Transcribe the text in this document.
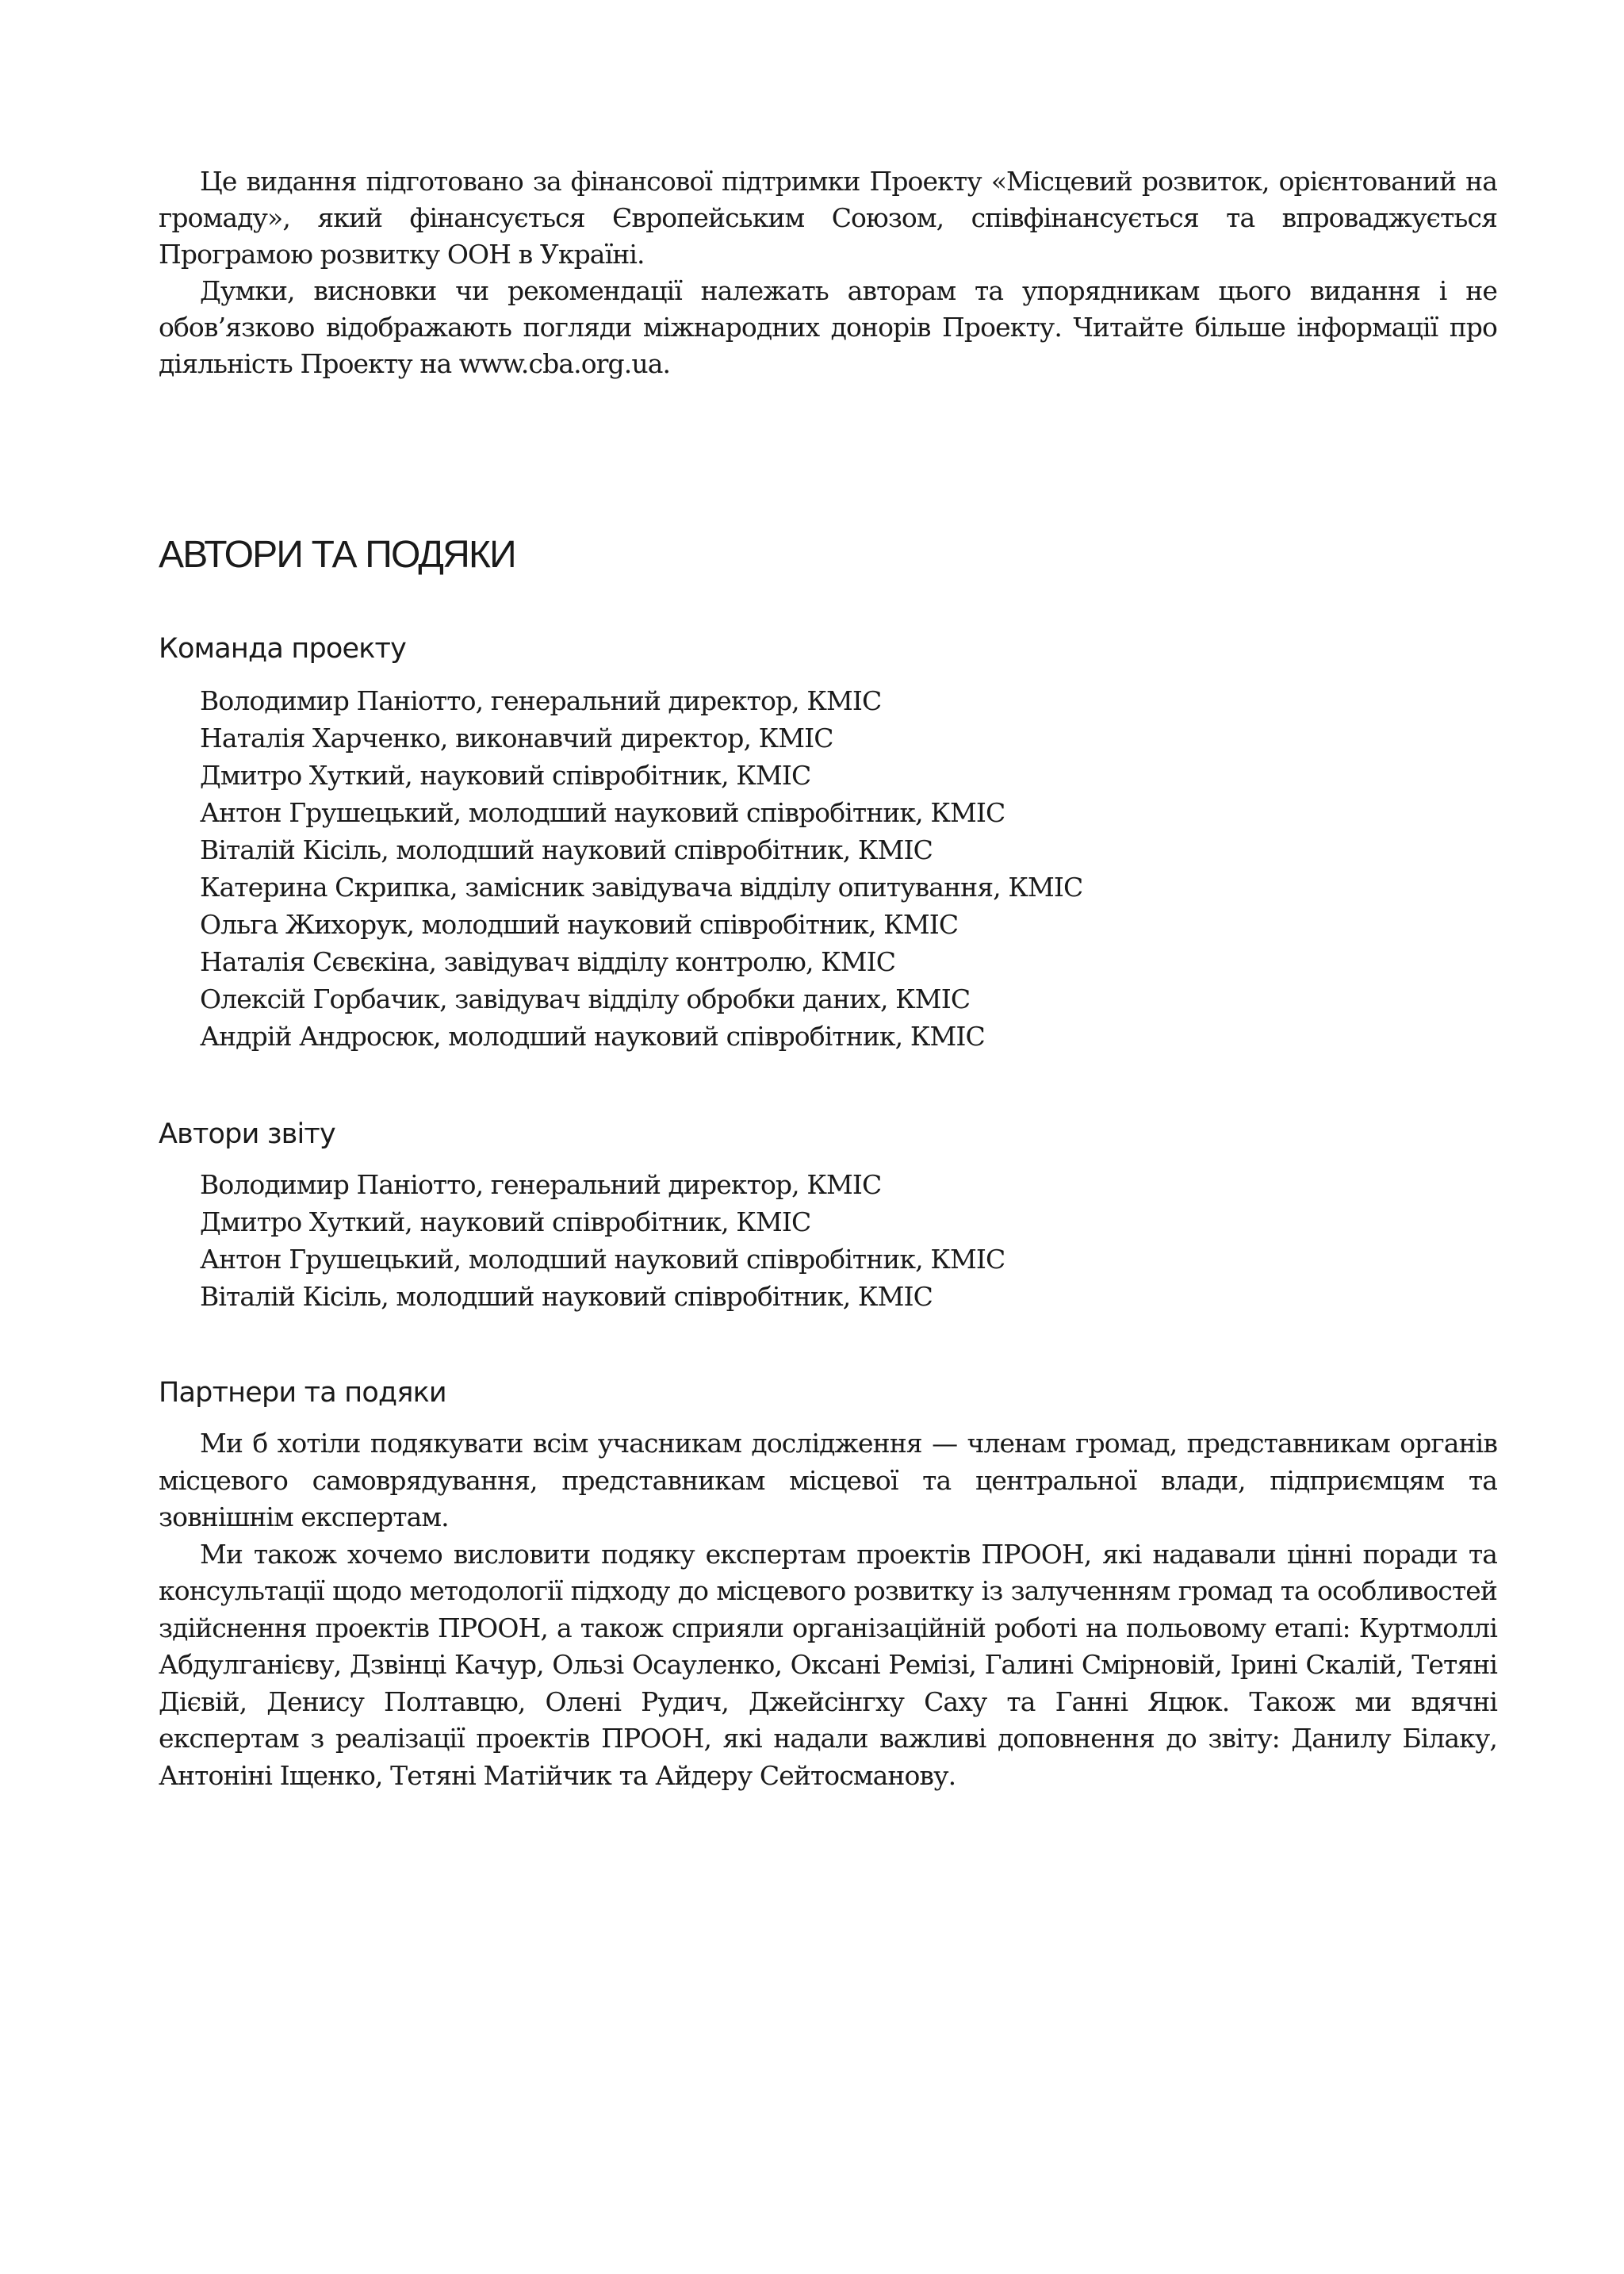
Це видання підготовано за фінансової підтримки Проекту «Місцевий розвиток, орієнтований на громаду», який фінансується Європейським Союзом, співфінансується та впроваджується Програмою розвитку ООН в Україні.

Думки, висновки чи рекомендації належать авторам та упорядникам цього видання і не обов’язково відображають погляди міжнародних донорів Проекту. Читайте більше інформації про діяльність Проекту на www.cba.org.ua.

АВТОРИ ТА ПОДЯКИ
Команда проекту
Володимир Паніотто, генеральний директор, КМІС
Наталія Харченко, виконавчий директор, КМІС
Дмитро Хуткий, науковий співробітник, КМІС
Антон Грушецький, молодший науковий співробітник, КМІС
Віталій Кісіль, молодший науковий співробітник, КМІС
Катерина Скрипка, замісник завідувача відділу опитування, КМІС
Ольга Жихорук, молодший науковий співробітник, КМІС
Наталія Сєвєкіна, завідувач відділу контролю, КМІС
Олексій Горбачик, завідувач відділу обробки даних, КМІС
Андрій Андросюк, молодший науковий співробітник, КМІС
Автори звіту
Володимир Паніотто, генеральний директор, КМІС
Дмитро Хуткий, науковий співробітник, КМІС
Антон Грушецький, молодший науковий співробітник, КМІС
Віталій Кісіль, молодший науковий співробітник, КМІС
Партнери та подяки

Ми б хотіли подякувати всім учасникам дослідження — членам громад, представникам органів місцевого самоврядування, представникам місцевої та центральної влади, підприємцям та зовнішнім експертам.

Ми також хочемо висловити подяку експертам проектів ПРООН, які надавали цінні поради та консультації щодо методології підходу до місцевого розвитку із залученням громад та особливостей здійснення проектів ПРООН, а також сприяли організаційній роботі на польовому етапі: Куртмоллі Абдулганієву, Дзвінці Качур, Ользі Осауленко, Оксані Ремізі, Галині Смірновій, Ірині Скалій, Тетяні Дієвій, Денису Полтавцю, Олені Рудич, Джейсінгху Саху та Ганні Яцюк. Також ми вдячні експертам з реалізації проектів ПРООН, які надали важливі доповнення до звіту: Данилу Білаку, Антоніні Іщенко, Тетяні Матійчик та Айдеру Сейтосманову.
